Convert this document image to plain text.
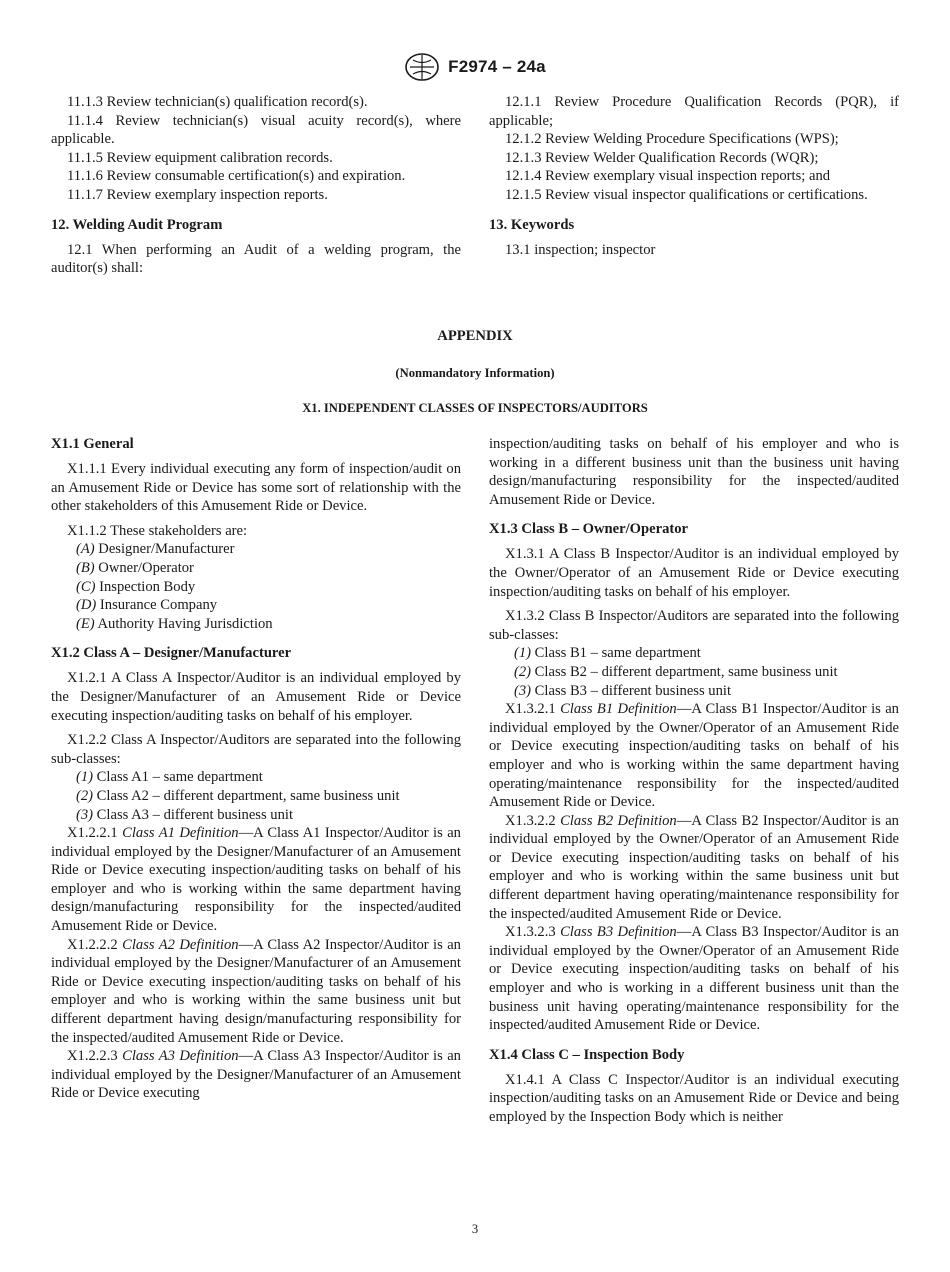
F2974 – 24a

11.1.3 Review technician(s) qualification record(s).

11.1.4 Review technician(s) visual acuity record(s), where applicable.

11.1.5 Review equipment calibration records.

11.1.6 Review consumable certification(s) and expiration.

11.1.7 Review exemplary inspection reports.

12. Welding Audit Program

12.1 When performing an Audit of a welding program, the auditor(s) shall:

12.1.1 Review Procedure Qualification Records (PQR), if applicable;

12.1.2 Review Welding Procedure Specifications (WPS);

12.1.3 Review Welder Qualification Records (WQR);

12.1.4 Review exemplary visual inspection reports; and

12.1.5 Review visual inspector qualifications or certifications.

13. Keywords

13.1 inspection; inspector

APPENDIX
(Nonmandatory Information)
X1. INDEPENDENT CLASSES OF INSPECTORS/AUDITORS
X1.1 General

X1.1.1 Every individual executing any form of inspection/audit on an Amusement Ride or Device has some sort of relationship with the other stakeholders of this Amusement Ride or Device.

X1.1.2 These stakeholders are:

(A) Designer/Manufacturer

(B) Owner/Operator

(C) Inspection Body

(D) Insurance Company

(E) Authority Having Jurisdiction

X1.2 Class A – Designer/Manufacturer

X1.2.1 A Class A Inspector/Auditor is an individual employed by the Designer/Manufacturer of an Amusement Ride or Device executing inspection/auditing tasks on behalf of his employer.

X1.2.2 Class A Inspector/Auditors are separated into the following sub-classes:

(1) Class A1 – same department

(2) Class A2 – different department, same business unit

(3) Class A3 – different business unit

X1.2.2.1 Class A1 Definition—A Class A1 Inspector/Auditor is an individual employed by the Designer/Manufacturer of an Amusement Ride or Device executing inspection/auditing tasks on behalf of his employer and who is working within the same department having design/manufacturing responsibility for the inspected/audited Amusement Ride or Device.

X1.2.2.2 Class A2 Definition—A Class A2 Inspector/Auditor is an individual employed by the Designer/Manufacturer of an Amusement Ride or Device executing inspection/auditing tasks on behalf of his employer and who is working within the same business unit but different department having design/manufacturing responsibility for the inspected/audited Amusement Ride or Device.

X1.2.2.3 Class A3 Definition—A Class A3 Inspector/Auditor is an individual employed by the Designer/Manufacturer of an Amusement Ride or Device executing

inspection/auditing tasks on behalf of his employer and who is working in a different business unit than the business unit having design/manufacturing responsibility for the inspected/audited Amusement Ride or Device.

X1.3 Class B – Owner/Operator

X1.3.1 A Class B Inspector/Auditor is an individual employed by the Owner/Operator of an Amusement Ride or Device executing inspection/auditing tasks on behalf of his employer.

X1.3.2 Class B Inspector/Auditors are separated into the following sub-classes:

(1) Class B1 – same department

(2) Class B2 – different department, same business unit

(3) Class B3 – different business unit

X1.3.2.1 Class B1 Definition—A Class B1 Inspector/Auditor is an individual employed by the Owner/Operator of an Amusement Ride or Device executing inspection/auditing tasks on behalf of his employer and who is working within the same department having operating/maintenance responsibility for the inspected/audited Amusement Ride or Device.

X1.3.2.2 Class B2 Definition—A Class B2 Inspector/Auditor is an individual employed by the Owner/Operator of an Amusement Ride or Device executing inspection/auditing tasks on behalf of his employer and who is working within the same business unit but different department having operating/maintenance responsibility for the inspected/audited Amusement Ride or Device.

X1.3.2.3 Class B3 Definition—A Class B3 Inspector/Auditor is an individual employed by the Owner/Operator of an Amusement Ride or Device executing inspection/auditing tasks on behalf of his employer and who is working in a different business unit than the business unit having operating/maintenance responsibility for the inspected/audited Amusement Ride or Device.

X1.4 Class C – Inspection Body

X1.4.1 A Class C Inspector/Auditor is an individual executing inspection/auditing tasks on an Amusement Ride or Device and being employed by the Inspection Body which is neither

3
